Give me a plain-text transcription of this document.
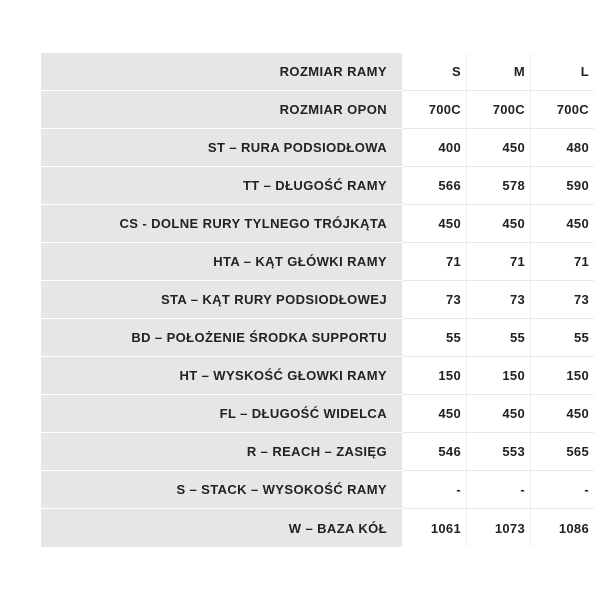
ROZMIAR RAMY	S	M	L
ROZMIAR OPON	700C	700C	700C
ST – RURA PODSIODŁOWA	400	450	480
TT – DŁUGOŚĆ RAMY	566	578	590
CS - DOLNE RURY TYLNEGO TRÓJKĄTA	450	450	450
HTA – KĄT GŁÓWKI RAMY	71	71	71
STA – KĄT RURY PODSIODŁOWEJ	73	73	73
BD – POŁOŻENIE ŚRODKA SUPPORTU	55	55	55
HT – WYSKOŚĆ GŁOWKI RAMY	150	150	150
FL – DŁUGOŚĆ WIDELCA	450	450	450
R – REACH – ZASIĘG	546	553	565
S – STACK – WYSOKOŚĆ RAMY	-	-	-
W – BAZA KÓŁ	1061	1073	1086
